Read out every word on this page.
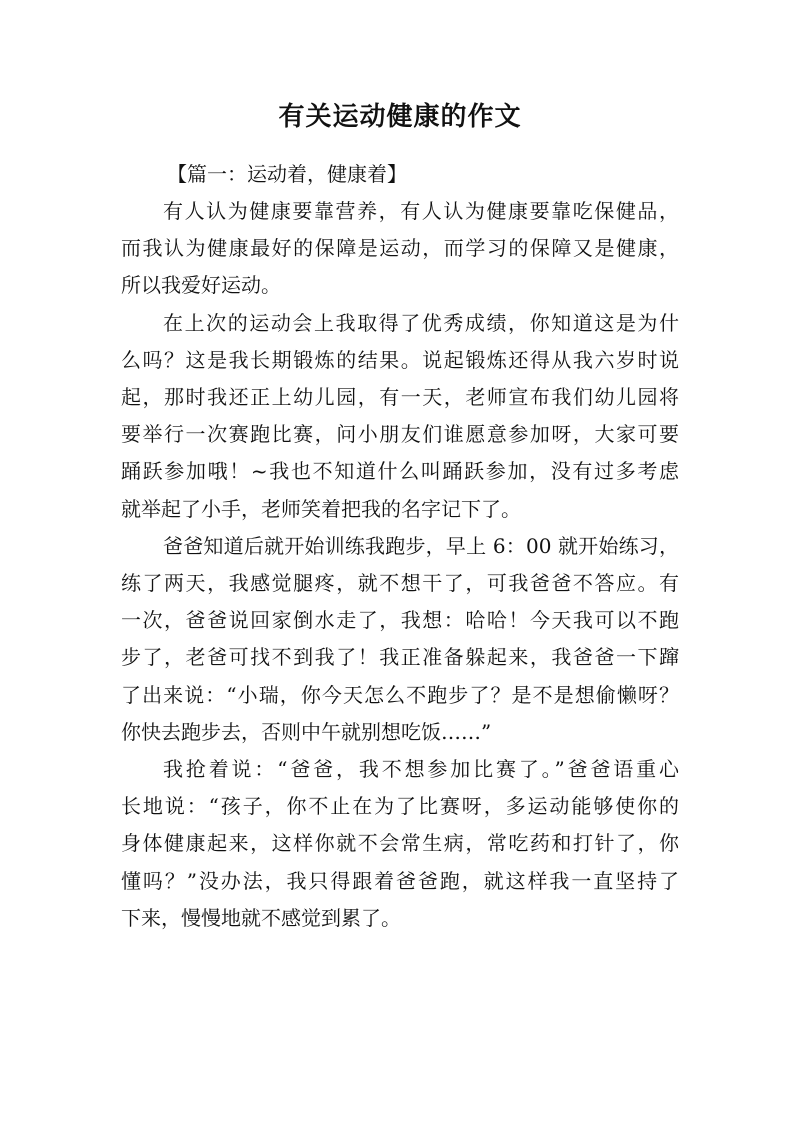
有关运动健康的作文

【篇一：运动着，健康着】

有人认为健康要靠营养，有人认为健康要靠吃保健品，
而我认为健康最好的保障是运动，而学习的保障又是健康，
所以我爱好运动。

在上次的运动会上我取得了优秀成绩，你知道这是为什
么吗？这是我长期锻炼的结果。说起锻炼还得从我六岁时说
起，那时我还正上幼儿园，有一天，老师宣布我们幼儿园将
要举行一次赛跑比赛，问小朋友们谁愿意参加呀，大家可要
踊跃参加哦！~我也不知道什么叫踊跃参加，没有过多考虑
就举起了小手，老师笑着把我的名字记下了。

爸爸知道后就开始训练我跑步，早上 6：00 就开始练习，
练了两天，我感觉腿疼，就不想干了，可我爸爸不答应。有
一次，爸爸说回家倒水走了，我想：哈哈！今天我可以不跑
步了，老爸可找不到我了！我正准备躲起来，我爸爸一下蹿
了出来说：“小瑞，你今天怎么不跑步了？是不是想偷懒呀？
你快去跑步去，否则中午就别想吃饭……”

我抢着说：“爸爸，我不想参加比赛了。”爸爸语重心
长地说：“孩子，你不止在为了比赛呀，多运动能够使你的
身体健康起来，这样你就不会常生病，常吃药和打针了，你
懂吗？”没办法，我只得跟着爸爸跑，就这样我一直坚持了
下来，慢慢地就不感觉到累了。
